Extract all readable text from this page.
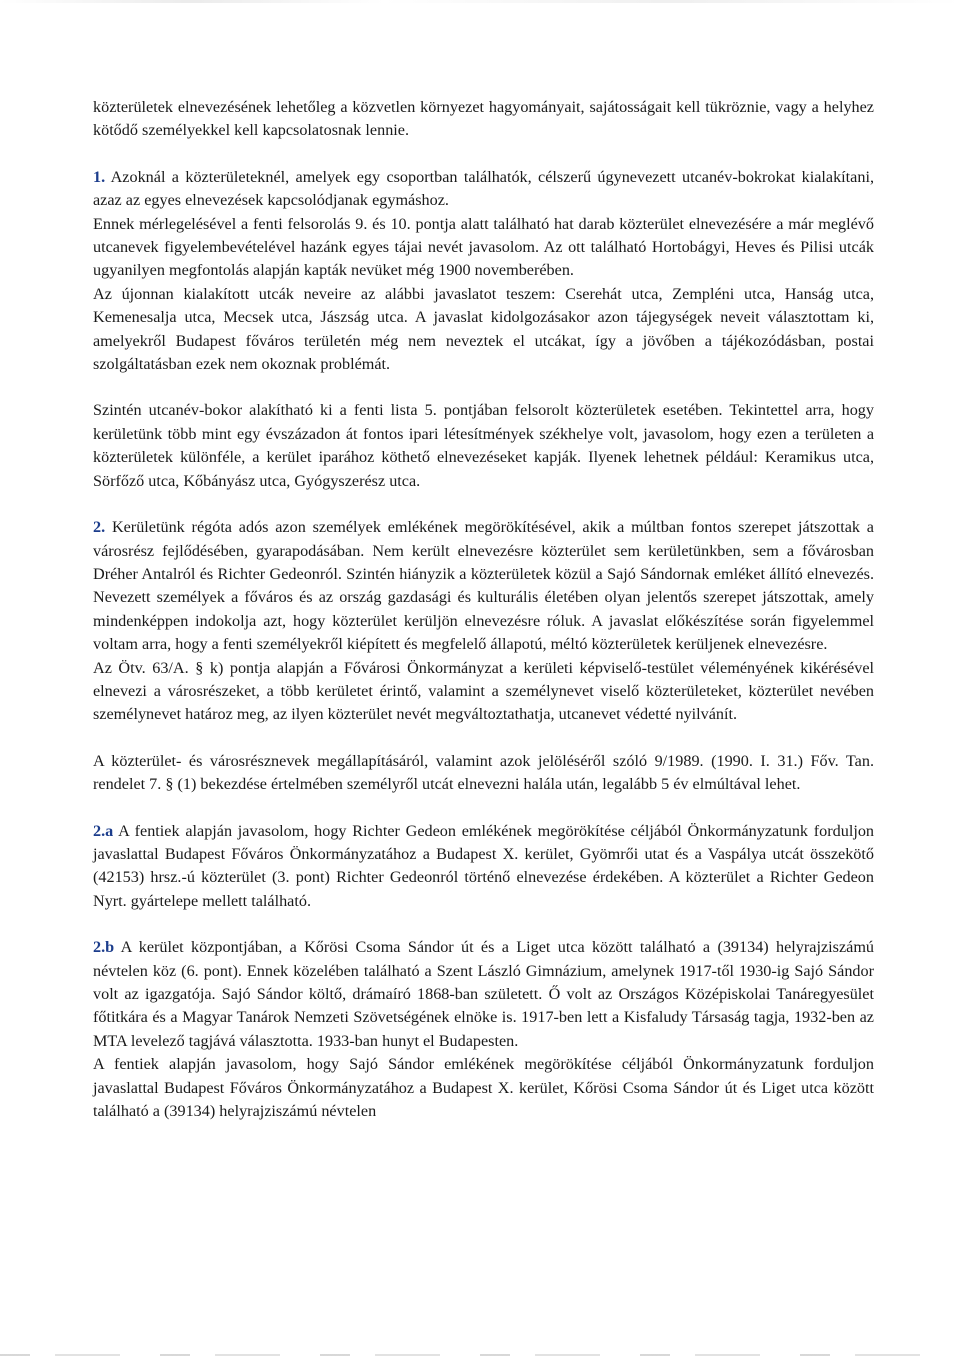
közterületek elnevezésének lehetőleg a közvetlen környezet hagyományait, sajátosságait kell tükröznie, vagy a helyhez kötődő személyekkel kell kapcsolatosnak lennie.

1. Azoknál a közterületeknél, amelyek egy csoportban találhatók, célszerű úgynevezett utcanév-bokrokat kialakítani, azaz az egyes elnevezések kapcsolódjanak egymáshoz.

Ennek mérlegelésével a fenti felsorolás 9. és 10. pontja alatt található hat darab közterület elnevezésére a már meglévő utcanevek figyelembevételével hazánk egyes tájai nevét javasolom. Az ott található Hortobágyi, Heves és Pilisi utcák ugyanilyen megfontolás alapján kapták nevüket még 1900 novemberében.

Az újonnan kialakított utcák neveire az alábbi javaslatot teszem: Cserehát utca, Zempléni utca, Hanság utca, Kemenesalja utca, Mecsek utca, Jászság utca. A javaslat kidolgozásakor azon tájegységek neveit választottam ki, amelyekről Budapest főváros területén még nem neveztek el utcákat, így a jövőben a tájékozódásban, postai szolgáltatásban ezek nem okoznak problémát.

Szintén utcanév-bokor alakítható ki a fenti lista 5. pontjában felsorolt közterületek esetében. Tekintettel arra, hogy kerületünk több mint egy évszázadon át fontos ipari létesítmények székhelye volt, javasolom, hogy ezen a területen a közterületek különféle, a kerület iparához köthető elnevezéseket kapják. Ilyenek lehetnek például: Keramikus utca, Sörfőző utca, Kőbányász utca, Gyógyszerész utca.

2. Kerületünk régóta adós azon személyek emlékének megörökítésével, akik a múltban fontos szerepet játszottak a városrész fejlődésében, gyarapodásában. Nem került elnevezésre közterület sem kerületünkben, sem a fővárosban Dréher Antalról és Richter Gedeonról. Szintén hiányzik a közterületek közül a Sajó Sándornak emléket állító elnevezés. Nevezett személyek a főváros és az ország gazdasági és kulturális életében olyan jelentős szerepet játszottak, amely mindenképpen indokolja azt, hogy közterület kerüljön elnevezésre róluk. A javaslat előkészítése során figyelemmel voltam arra, hogy a fenti személyekről kiépített és megfelelő állapotú, méltó közterületek kerüljenek elnevezésre.

Az Ötv. 63/A. § k) pontja alapján a Fővárosi Önkormányzat a kerületi képviselő-testület véleményének kikérésével elnevezi a városrészeket, a több kerületet érintő, valamint a személynevet viselő közterületeket, közterület nevében személynevet határoz meg, az ilyen közterület nevét megváltoztathatja, utcanevet védetté nyilvánít.

A közterület- és városrésznevek megállapításáról, valamint azok jelöléséről szóló 9/1989. (1990. I. 31.) Főv. Tan. rendelet 7. § (1) bekezdése értelmében személyről utcát elnevezni halála után, legalább 5 év elmúltával lehet.

2.a A fentiek alapján javasolom, hogy Richter Gedeon emlékének megörökítése céljából Önkormányzatunk forduljon javaslattal Budapest Főváros Önkormányzatához a Budapest X. kerület, Gyömrői utat és a Vaspálya utcát összekötő (42153) hrsz.-ú közterület (3. pont) Richter Gedeonról történő elnevezése érdekében. A közterület a Richter Gedeon Nyrt. gyártelepe mellett található.

2.b A kerület központjában, a Kőrösi Csoma Sándor út és a Liget utca között található a (39134) helyrajziszámú névtelen köz (6. pont). Ennek közelében található a Szent László Gimnázium, amelynek 1917-től 1930-ig Sajó Sándor volt az igazgatója. Sajó Sándor költő, drámaíró 1868-ban született. Ő volt az Országos Középiskolai Tanáregyesület főtitkára és a Magyar Tanárok Nemzeti Szövetségének elnöke is. 1917-ben lett a Kisfaludy Társaság tagja, 1932-ben az MTA levelező tagjává választotta. 1933-ban hunyt el Budapesten.

A fentiek alapján javasolom, hogy Sajó Sándor emlékének megörökítése céljából Önkormányzatunk forduljon javaslattal Budapest Főváros Önkormányzatához a Budapest X. kerület, Kőrösi Csoma Sándor út és Liget utca között található a (39134) helyrajziszámú névtelen
